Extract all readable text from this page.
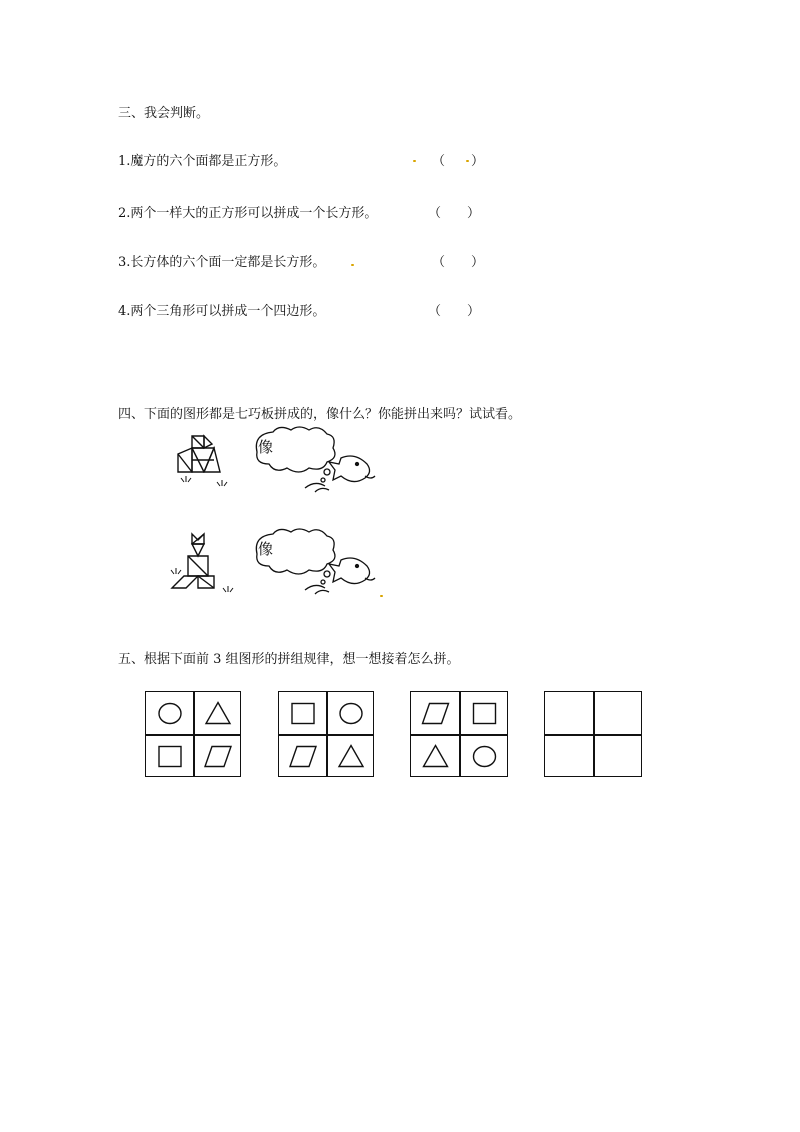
三、我会判断。
1.魔方的六个面都是正方形。	（　　）
2.两个一样大的正方形可以拼成一个长方形。	（　　）
3.长方体的六个面一定都是长方形。	（　　）
4.两个三角形可以拼成一个四边形。	（　　）
四、下面的图形都是七巧板拼成的，像什么？你能拼出来吗？试试看。
像
像
五、根据下面前 3 组图形的拼组规律，想一想接着怎么拼。
